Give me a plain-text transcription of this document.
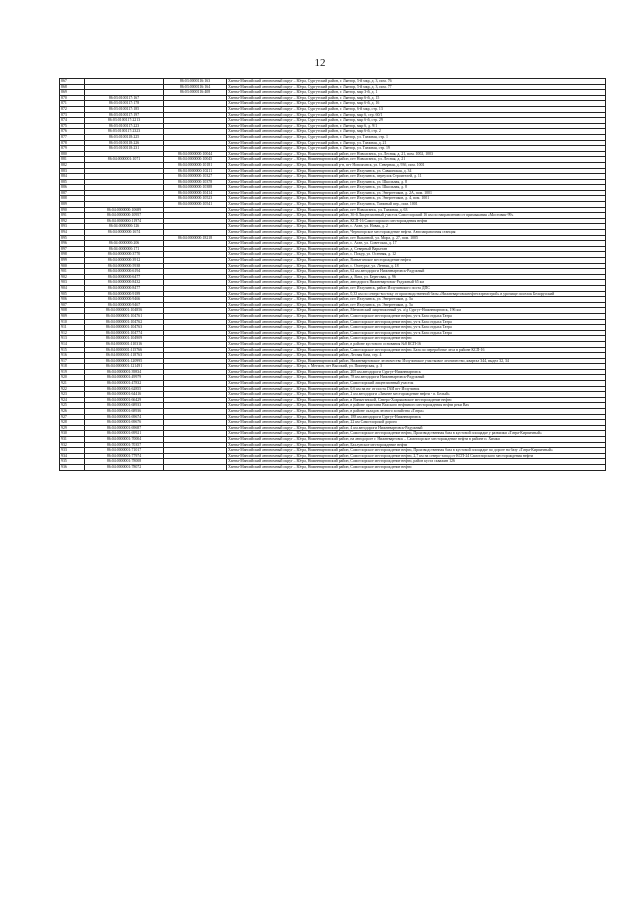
12
867		86:03:0000116:163	Ханты-Мансийский автономный округ – Югра, Сургутский район, г. Лянтор, 5-й мкр, д. 3, пом. 76
868		86:03:0000116:164	Ханты-Мансийский автономный округ – Югра, Сургутский район, г. Лянтор, 5-й мкр, д. 3, пом. 77
869		86:03:0000116:408	Ханты-Мансийский автономный округ – Югра, Сургутский район, г. Лянтор, мкр 3-й, д. 1
870	86:03:0100117:167		Ханты-Мансийский автономный округ – Югра, Сургутский район, г. Лянтор, мкр 6-й, д. 15
871	86:03:0100117:178		Ханты-Мансийский автономный округ – Югра, Сургутский район, г. Лянтор, мкр 6-й, д. 16
872	86:03:0100117:185		Ханты-Мансийский автономный округ – Югра, Сургутский район, г. Лянтор, 6-й мкр, стр. 13
873	86:03:0100117:197		Ханты-Мансийский автономный округ – Югра, Сургутский район, г. Лянтор, мкр 6, стр. 60/1
874	86:03:0100117:2213		Ханты-Мансийский автономный округ – Югра, Сургутский район, г. Лянтор, мкр 6-й, стр. 29
875	86:03:0100117:223		Ханты-Мансийский автономный округ – Югра, Сургутский район, г. Лянтор, мкр 6, д. 9/1
876	86:03:0100117:2323		Ханты-Мансийский автономный округ – Югра, Сургутский район, г. Лянтор, мкр 6-й, стр. 2
877	86:03:0100118:225		Ханты-Мансийский автономный округ – Югра, Сургутский район, г. Лянтор, ул. Таежная, стр. 1
878	86:03:0100118:226		Ханты-Мансийский автономный округ – Югра, Сургутский район, г. Лянтор, ул. Таежная, д. 21
879	86:03:0100118:231		Ханты-Мансийский автономный округ – Югра, Сургутский район, г. Лянтор, ул. Таежная, стр. 19
880		86:04:0000000:10044	Ханты-Мансийский автономный округ – Югра, Нижневартовский район, пгт Новоаганск, ул. Лесная, д. 21, пом. 1002, 1003
881	86:04:0000001:1071	86:04:0000000:10045	Ханты-Мансийский автономный округ – Югра, Нижневартовский район, пгт Новоаганск, ул. Лесная, д. 21
882		86:04:0000000:10181	Ханты-Мансийский автономный округ – Югра, Нижневартовский р-н, пгт Новоаганск, ул. Северная, д. 93б, пом. 1001
883		86:04:0000000:10211	Ханты-Мансийский автономный округ – Югра, Нижневартовский район, пгт Излучинск, ул. Савкинская, д. 34
884		86:04:0000000:10327	Ханты-Мансийский автономный округ – Югра, Нижневартовский район, пгт Излучинск, переулок Строителей, д. 11
885		86:04:0000000:10378	Ханты-Мансийский автономный округ – Югра, Нижневартовский район, пгт Излучинск, ул. Школьная, д. 8
886		86:04:0000000:10388	Ханты-Мансийский автономный округ – Югра, Нижневартовский район, пгт Излучинск, ул. Школьная, д. 8
887		86:04:0000000:10414	Ханты-Мансийский автономный округ – Югра, Нижневартовский район, пгт Излучинск, ул. Энергетиков, д. 2А, пом. 1001
888		86:04:0000000:10523	Ханты-Мансийский автономный округ – Югра, Нижневартовский район, пгт Излучинск, ул. Энергетиков, д. 4, пом. 1001
889		86:04:0000000:10541	Ханты-Мансийский автономный округ – Югра, Нижневартовский район, пгт Излучинск, Таежный пер., пом. 1001
890	86:04:0000000:10689		Ханты-Мансийский автономный округ – Югра, Нижневартовский район, пгт Новоаганск, ул. Таежная, д. 63
891	86:04:0000000:10957		Ханты-Мансийский автономный округ – Югра, Нижневартовский район, 36-й Лицензионный участок Самотлорский 16 км по направлению от примыкания «Мостовик-99»
892	86:04:0000000:11974		Ханты-Мансийский автономный округ – Югра, Нижневартовский район, КСП-16 Самотлорского месторождения нефти
893	86:04:0000000:126		Ханты-Мансийский автономный округ – Югра, Нижневартовский район, с. Аган, ул. Новая, д. 2
894	86:04:0000000:1674		Ханты-Мансийский автономный округ – Югра, Нижневартовский район, Черногорское месторождение нефти. Автозаправочная станция
895		86:04:0000000:18218	Ханты-Мансийский автономный округ – Югра, Нижневартовский район, пгт Выкатной, ул. Мира, д. 27, пом. 1005
896	86:04:0000000:206		Ханты-Мансийский автономный округ – Югра, Нижневартовский район, с. Аган, ул. Советская, д. 17
897	86:04:0000000:171		Ханты-Мансийский автономный округ – Югра, Нижневартовский район, д. Северный Варьеган
898	86:04:0000000:3770		Ханты-Мансийский автономный округ – Югра, Нижневартовский район, с. Покур, ул. Осенняя, д. 12
899	86:04:0000000:3912		Ханты-Мансийский автономный округ – Югра, Нижневартовский район, Ваньеганское месторождение нефти
900	86:04:0000000:5938		Ханты-Мансийский автономный округ – Югра, Нижневартовский район, с. Охтеурье, ул. Летняя, д. 18
901	86:04:0000000:6194		Ханты-Мансийский автономный округ – Югра, Нижневартовский район, 62 км автодороги Нижневартовск-Радужный
902	86:04:0000000:6477		Ханты-Мансийский автономный округ – Югра, Нижневартовский район, д. Вата, ул. Береговая, д. 96
903	86:04:0000000:8432		Ханты-Мансийский автономный округ – Югра, Нижневартовский район, автодорога Нижневартовск-Радужный 65 км
904	86:04:0000000:8477		Ханты-Мансийский автономный округ – Югра, Нижневартовский район, пгт Излучинск, район Излучинского поста ДПС
905	86:04:0000000:9189		Ханты-Мансийский автономный округ – Югра, Нижневартовский район, 0,33 км по северо-востоку от производственной базы «Нижневартовскнефтегазремстрой» в урочище поселок Белорусский
906	86:04:0000000:9466		Ханты-Мансийский автономный округ – Югра, Нижневартовский район, пгт Излучинск, ул. Энергетиков, д. 5а
907	86:04:0000000:9467		Ханты-Мансийский автономный округ – Югра, Нижневартовский район, пгт Излучинск, ул. Энергетиков, д. 5а
908	86:04:0000001:104856		Ханты-Мансийский автономный округ – Югра, Нижневартовский район, Мегионский лицензионный уч. а/д Сургут-Нижневартовск, 196 км
909	86:04:0000001:104761		Ханты-Мансийский автономный округ – Югра, Нижневартовский район, Самотлорское месторождение нефти, уч-к База отдыха Татра
910	86:04:0000001:104762		Ханты-Мансийский автономный округ – Югра, Нижневартовский район, Самотлорское месторождение нефти, уч-к База отдыха Татра
911	86:04:0000001:104763		Ханты-Мансийский автономный округ – Югра, Нижневартовский район, Самотлорское месторождение нефти, уч-к База отдыха Татра
912	86:04:0000001:104774		Ханты-Мансийский автономный округ – Югра, Нижневартовский район, Самотлорское месторождение нефти, уч-к База отдыха Татра
913	86:04:0000001:104909		Ханты-Мансийский автономный округ – Югра, Нижневартовский район, Самотлорское месторождение нефти
914	86:04:0000001:110316		Ханты-Мансийский автономный округ – Югра, Нижневартовский район, в районе кустового основания №8 КСП-16
915	86:04:0000001:115766		Ханты-Мансийский автономный округ – Югра, Нижневартовский район, Самотлорское месторождение нефти. База по переработке леса в районе КСП-16
916	86:04:0000001:118763		Ханты-Мансийский автономный округ – Югра, Нижневартовский район, Лесная база, стр. 4
917	86:04:0000001:120995		Ханты-Мансийский автономный округ – Югра, Нижневартовский район, Нижневартовское лесничество Излучинское участковое лесничество, квартал 344, выдел 32, 34
918	86:04:0000001:121491		Ханты-Мансийский автономный округ – Югра, г. Мегион, пгт Высокий, ул. Пионерская, д. 3
919	86:04:0000001:39834		Ханты-Мансийский автономный округ – Югра, Нижневартовский район, 205 км автодороги Сургут-Нижневартовск
920	86:04:0000001:49979		Ханты-Мансийский автономный округ – Югра, Нижневартовский район, 78 км автодороги Нижневартовск-Радужный
921	86:04:0000001:47832		Ханты-Мансийский автономный округ – Югра, Нижневартовский район, Самотлорский лицензионный участок
922	86:04:0000001:62855		Ханты-Мансийский автономный округ – Югра, Нижневартовский район, 0,6 км на юг от поста ГАИ пгт Излучинск
923	86:04:0000001:64416		Ханты-Мансийский автономный округ – Югра, Нижневартовский район, 2 км автодороги «Зимнее месторождение нефти - п. Белый»
924	86:04:0000001:66429		Ханты-Мансийский автономный округ – Югра, Нижневартовский район, в Ваньеганской, Северо-Хохряковское месторождение нефти
925	86:04:0000001:68933		Ханты-Мансийский автономный округ – Югра, Нижневартовский район, в районе пристани Вахского нефтяного месторождения нефти реки Вах
926	86:04:0000001:68936		Ханты-Мансийский автономный округ – Югра, Нижневартовский район, в районе складов лесного хозяйства «Татра»
927	86:04:0000001:69674		Ханты-Мансийский автономный округ – Югра, Нижневартовский район, 188 км автодороги Сургут-Нижневартовск
928	86:04:0000001:69676		Ханты-Мансийский автономный округ – Югра, Нижневартовский район, 22 км Самотлорской дороги
929	86:04:0000001:69687		Ханты-Мансийский автономный округ – Югра, Нижневартовский район, 4 км автодороги Нижневартовск-Радужный
930	86:04:0000001:69921		Ханты-Мансийский автономный округ – Югра, Нижневартовский район, Самотлорское месторождение нефти, Производственная база в кустовой площадке у развилки «Татра-Кирпичный»
931	86:04:0000001:70004		Ханты-Мансийский автономный округ – Югра, Нижневартовский район, на автодороге г. Нижневартовск – Самотлорское месторождение нефти в районе п. Химки
932	86:04:0000001:70357		Ханты-Мансийский автономный округ – Югра, Нижневартовский район, Бахлунское месторождение нефти
933	86:04:0000001:71017		Ханты-Мансийский автономный округ – Югра, Нижневартовский район, Самотлорское месторождение нефти, Производственная база в кустовой площадке по дороге на базу «Татра-Кирпичный»
934	86:04:0000001:77974		Ханты-Мансийский автономный округ – Югра, Нижневартовский район, Самотлорское месторождение нефти, 2,7 км на северо-запад от КСП-24 Самотлорского месторождения нефти
935	86:04:0000001:78008		Ханты-Мансийский автономный округ – Югра, Нижневартовский район, Самотлорское месторождение нефти, район куста скважин 126
936	86:04:0000001:78072		Ханты-Мансийский автономный округ – Югра, Нижневартовский район, Самотлорское месторождение нефти
